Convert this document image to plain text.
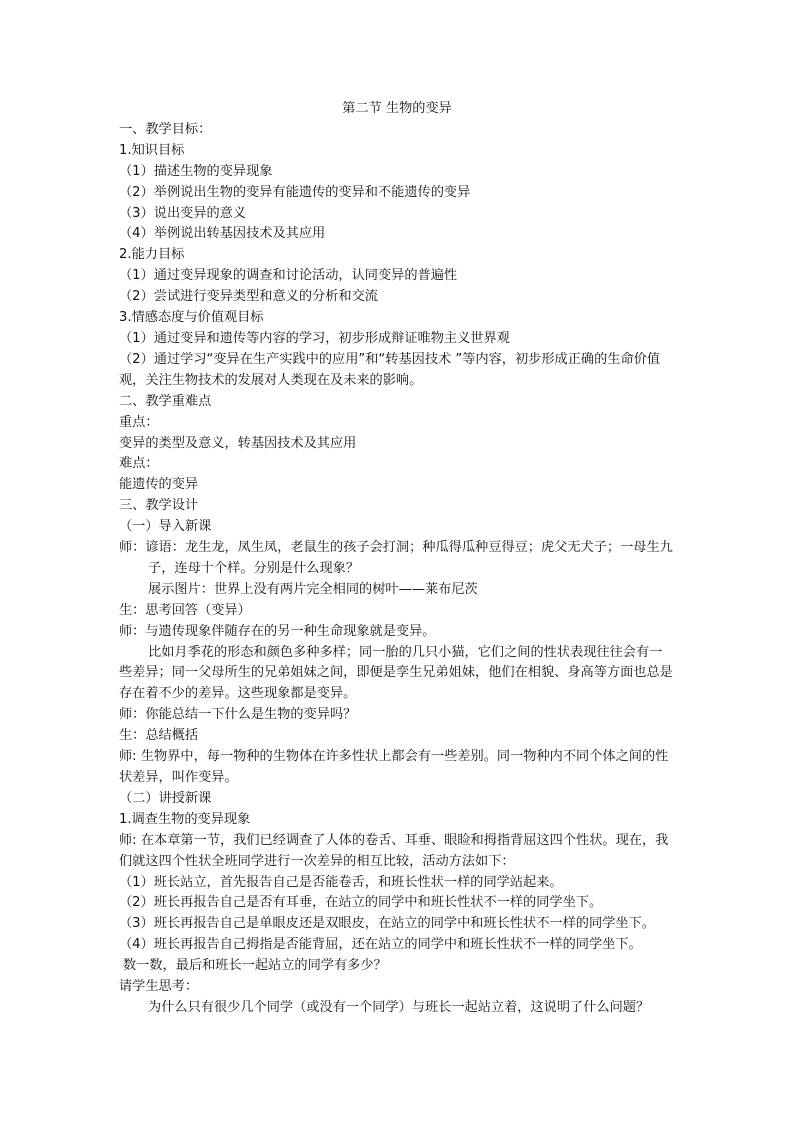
第二节 生物的变异

一、教学目标：

1.知识目标

（1）描述生物的变异现象

（2）举例说出生物的变异有能遗传的变异和不能遗传的变异

（3）说出变异的意义

（4）举例说出转基因技术及其应用

2.能力目标

（1）通过变异现象的调查和讨论活动，认同变异的普遍性

（2）尝试进行变异类型和意义的分析和交流

3.情感态度与价值观目标

（1）通过变异和遗传等内容的学习，初步形成辩证唯物主义世界观

（2）通过学习“变异在生产实践中的应用”和“转基因技术 ”等内容，初步形成正确的生命价值观，关注生物技术的发展对人类现在及未来的影响。

二、教学重难点

重点：

变异的类型及意义，转基因技术及其应用

难点：

能遗传的变异

三、教学设计

（一）导入新课

师：谚语：龙生龙，凤生凤，老鼠生的孩子会打洞；种瓜得瓜种豆得豆；虎父无犬子；一母生九子，连母十个样。分别是什么现象？

展示图片：世界上没有两片完全相同的树叶——莱布尼茨

生：思考回答（变异）

师：与遗传现象伴随存在的另一种生命现象就是变异。

比如月季花的形态和颜色多种多样；同一胎的几只小猫，它们之间的性状表现往往会有一些差异；同一父母所生的兄弟姐妹之间，即便是孪生兄弟姐妹，他们在相貌、身高等方面也总是存在着不少的差异。这些现象都是变异。

师：你能总结一下什么是生物的变异吗？

生：总结概括

师: 生物界中，每一物种的生物体在许多性状上都会有一些差别。同一物种内不同个体之间的性状差异，叫作变异。

（二）讲授新课

1.调查生物的变异现象

师: 在本章第一节，我们已经调查了人体的卷舌、耳垂、眼睑和拇指背屈这四个性状。现在，我们就这四个性状全班同学进行一次差异的相互比较，活动方法如下：

（1）班长站立，首先报告自己是否能卷舌，和班长性状一样的同学站起来。

（2）班长再报告自己是否有耳垂，在站立的同学中和班长性状不一样的同学坐下。

（3）班长再报告自己是单眼皮还是双眼皮，在站立的同学中和班长性状不一样的同学坐下。

（4）班长再报告自己拇指是否能背屈，还在站立的同学中和班长性状不一样的同学坐下。

数一数，最后和班长一起站立的同学有多少？

请学生思考：

为什么只有很少几个同学（或没有一个同学）与班长一起站立着，这说明了什么问题？
